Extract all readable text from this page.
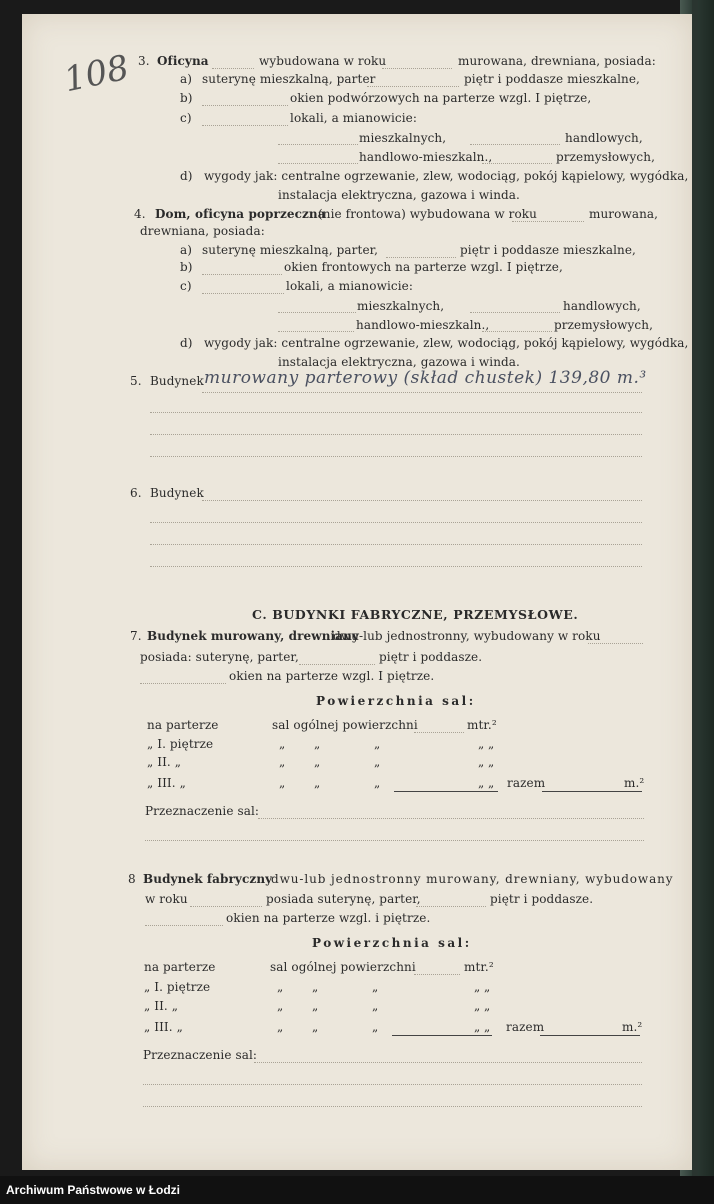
108 3. Oficyna	wybudowana w roku	murowana, drewniana, posiada:
a) suterynę mieszkalną, parter	piętr i poddasze mieszkalne,
b)	okien podwórzowych na parterze wzgl. I piętrze,
c)	lokali, a mianowicie:
mieszkalnych,	handlowych,
handlowo-mieszkaln.,	przemysłowych,
d) wygody jak: centralne ogrzewanie, zlew, wodociąg, pokój kąpielowy, wygódka,
instalacja elektryczna, gazowa i winda.
4. Dom, oficyna poprzeczna
(nie frontowa) wybudowana w roku	murowana,
drewniana, posiada:
a) suterynę mieszkalną, parter,	piętr i poddasze mieszkalne,
b)	okien frontowych na parterze wzgl. I piętrze,
c)	lokali, a mianowicie:
mieszkalnych,	handlowych,
handlowo-mieszkaln.,	przemysłowych,
d) wygody jak: centralne ogrzewanie, zlew, wodociąg, pokój kąpielowy, wygódka,
instalacja elektryczna, gazowa i winda.
5. Budynek murowany parterowy (skład chustek) 139,80 m.³
6. Budynek
C. BUDYNKI FABRYCZNE, PRZEMYSŁOWE.
7. Budynek murowany, drewniany
dwu-lub jednostronny, wybudowany w roku
posiada: suterynę, parter,	piętr i poddasze.
okien na parterze wzgl. I piętrze.
Powierzchnia sal:
na parterze	sal ogólnej powierzchni	mtr.²
„ I. piętrze	„ „	„	„ „
„ II. „	„ „	„	„ „
„ III. „	„ „	„	„ „ razem	m.²
Przeznaczenie sal:
8 Budynek fabryczny
dwu-lub jednostronny murowany, drewniany, wybudowany
w roku	posiada suterynę, parter,	piętr i poddasze.
okien na parterze wzgl. i piętrze.
Powierzchnia sal:
na parterze	sal ogólnej powierzchni	mtr.²
„ I. piętrze	„ „	„	„ „
„ II. „	„ „	„	„ „
„ III. „	„ „	„	„ „ razem	m.²
Przeznaczenie sal:
Archiwum Państwowe w Łodzi
